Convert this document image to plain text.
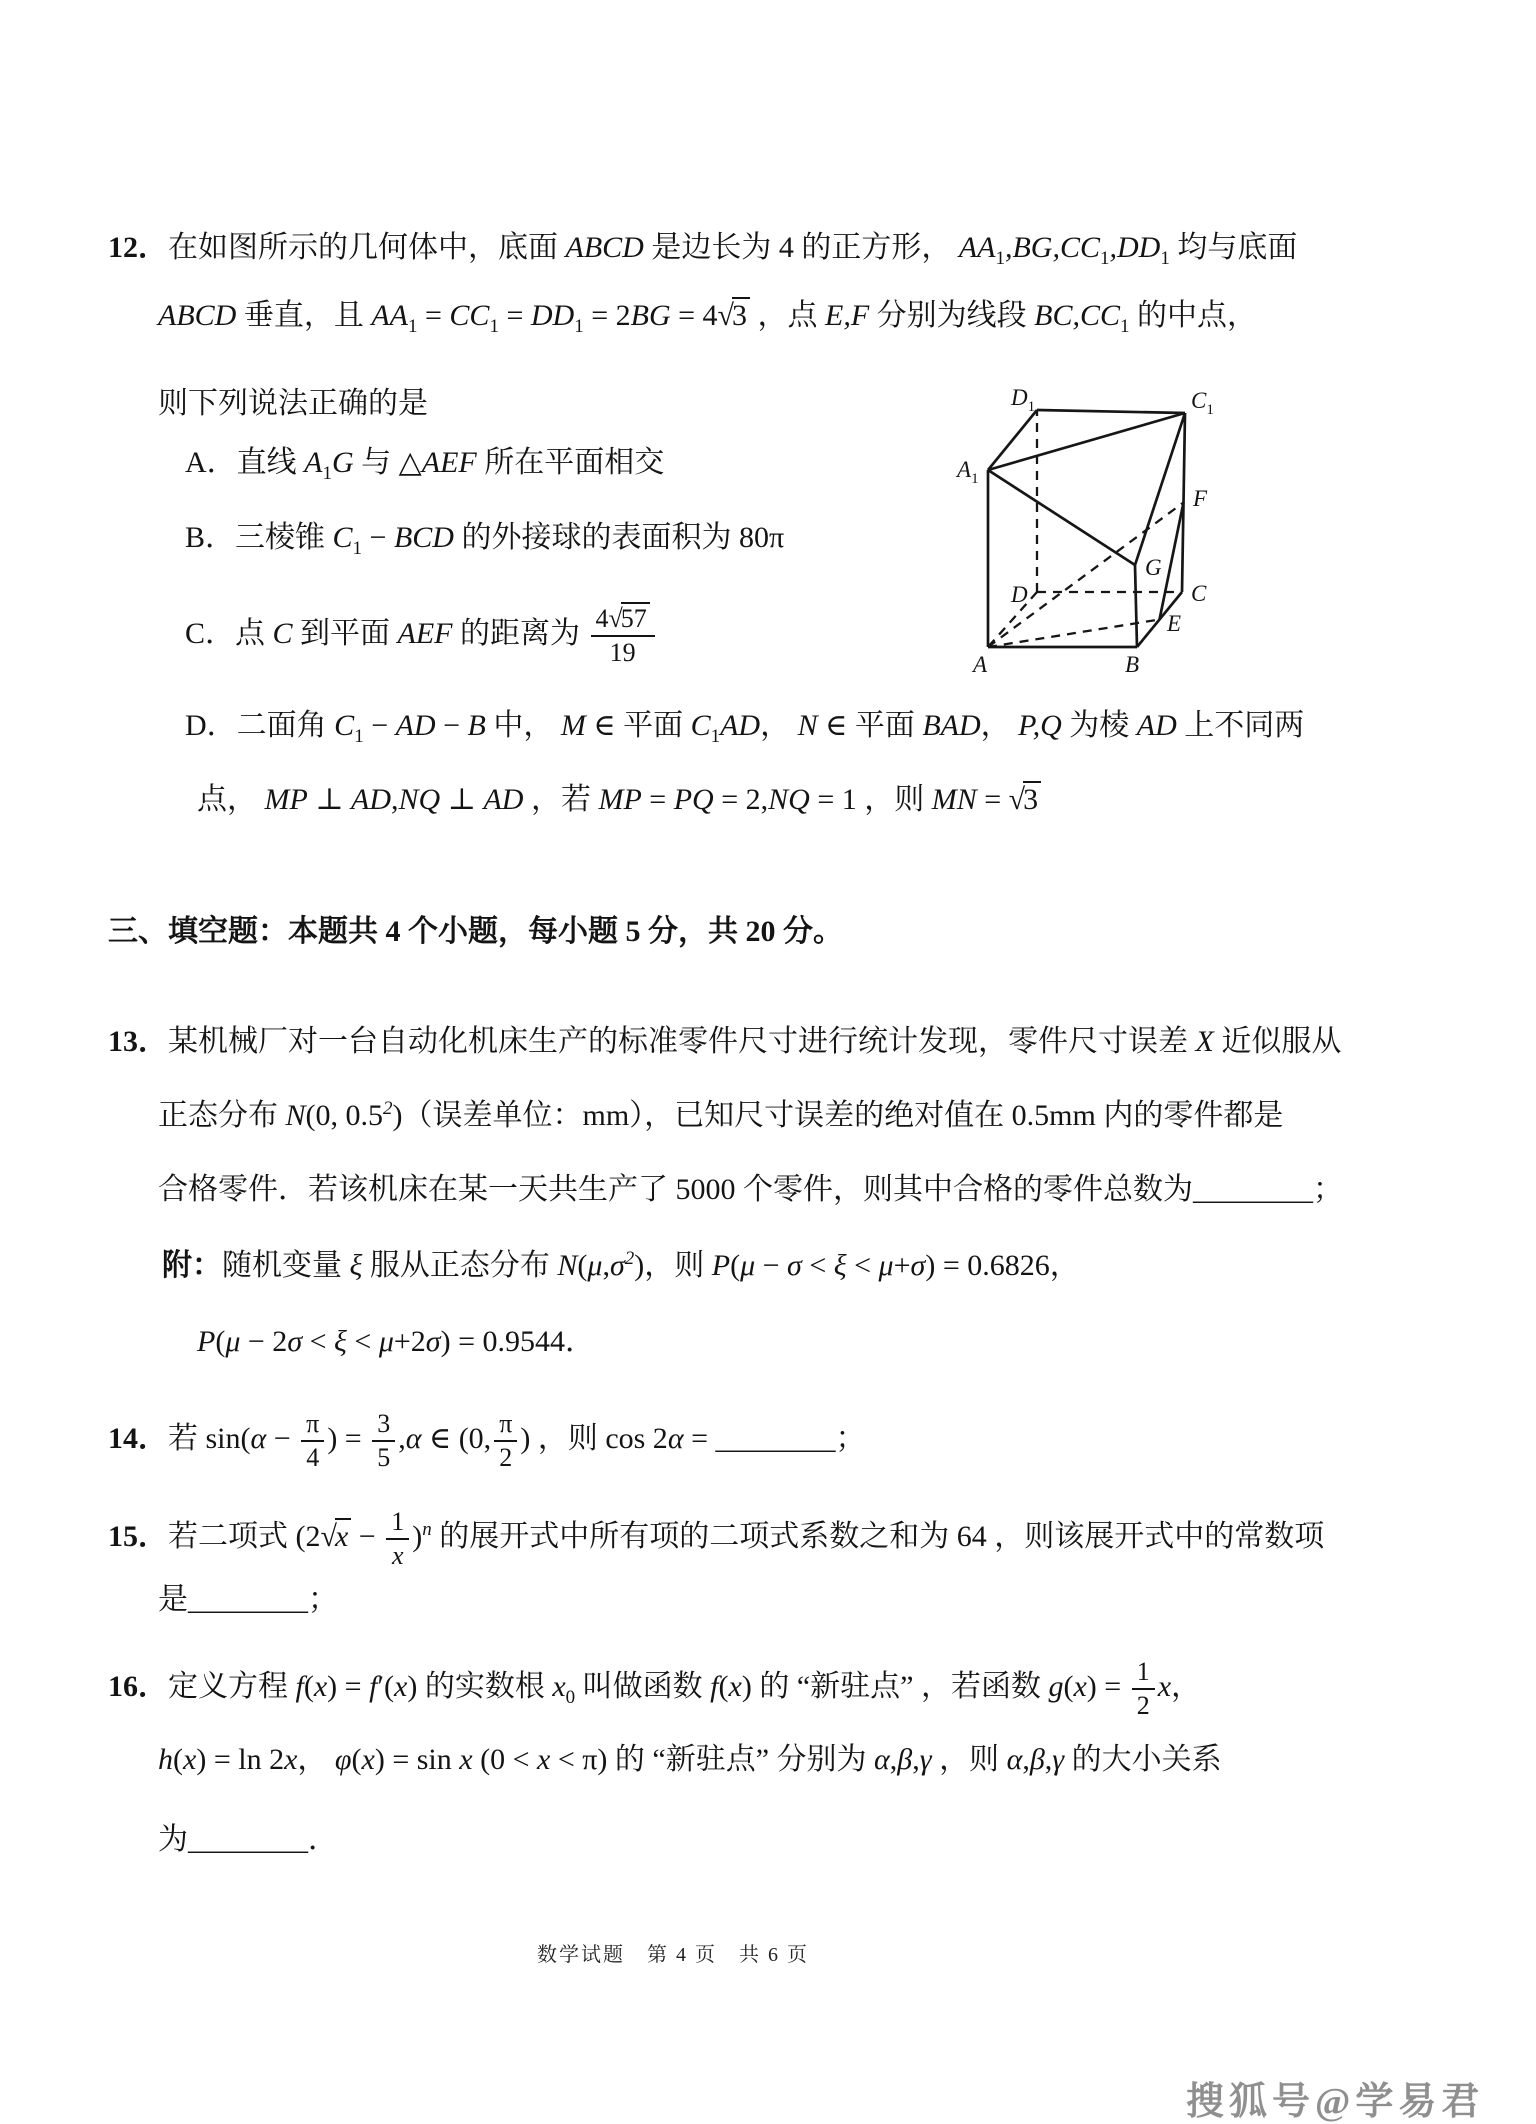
12．在如图所示的几何体中，底面 ABCD 是边长为 4 的正方形， $AA_1,BG,CC_1,DD_1$ 均与底面
ABCD 垂直，且 $AA_1 = CC_1 = DD_1 = 2BG = 4√3$ ，点 E,F 分别为线段 $BC,CC_1$ 的中点，
则下列说法正确的是
A．直线 $A_1G$ 与 △AEF 所在平面相交
B．三棱锥 $C_1$ − BCD 的外接球的表面积为 80π
C．点 C 到平面 AEF 的距离为 $\frac{4√57}{19}$
D．二面角 $C_1$ − AD − B 中， M ∈ 平面 $C_1AD$， N ∈ 平面 BAD， P,Q 为棱 AD 上不同两
点， MP ⊥ AD,NQ ⊥ AD ，若 MP = PQ = 2,NQ = 1 ，则 MN = √3
$D_1$	$C_1$
$A_1$
F
G
D	C
E
A	B
三、填空题：本题共 4 个小题，每小题 5 分，共 20 分。
13．某机械厂对一台自动化机床生产的标准零件尺寸进行统计发现，零件尺寸误差 X 近似服从
正态分布 N(0, $0.5^2$)（误差单位：mm），已知尺寸误差的绝对值在 0.5mm 内的零件都是
合格零件．若该机床在某一天共生产了 5000 个零件，则其中合格的零件总数为________；
附：随机变量 ξ 服从正态分布 $N(\mu,\sigma^2)$，则 P(μ − σ < ξ < μ+σ) = 0.6826，
P(μ − 2σ < ξ < μ+2σ) = 0.9544．
14．若 $\sin(\alpha - \frac{\pi}{4}$ ) = $\frac{3}{5} ,\alpha$ ∈ (0, $\frac{\pi}{2}$ ) ，则 cos 2α = ________；
15．若二项式 $(2√x - \frac{1}{x} )^n$ 的展开式中所有项的二项式系数之和为 64 ，则该展开式中的常数项
是________；
16．定义方程 f(x) = f′(x) 的实数根 $x_0$ 叫做函数 f(x) 的 “新驻点” ，若函数 $g(x) = \frac{1}{2}$ x，
h(x) = ln 2x， φ(x) = sin x (0 < x < π) 的 “新驻点” 分别为 α,β,γ ，则 α,β,γ 的大小关系
为________．
数学试题　第 4 页　共 6 页
搜狐号@学易君
